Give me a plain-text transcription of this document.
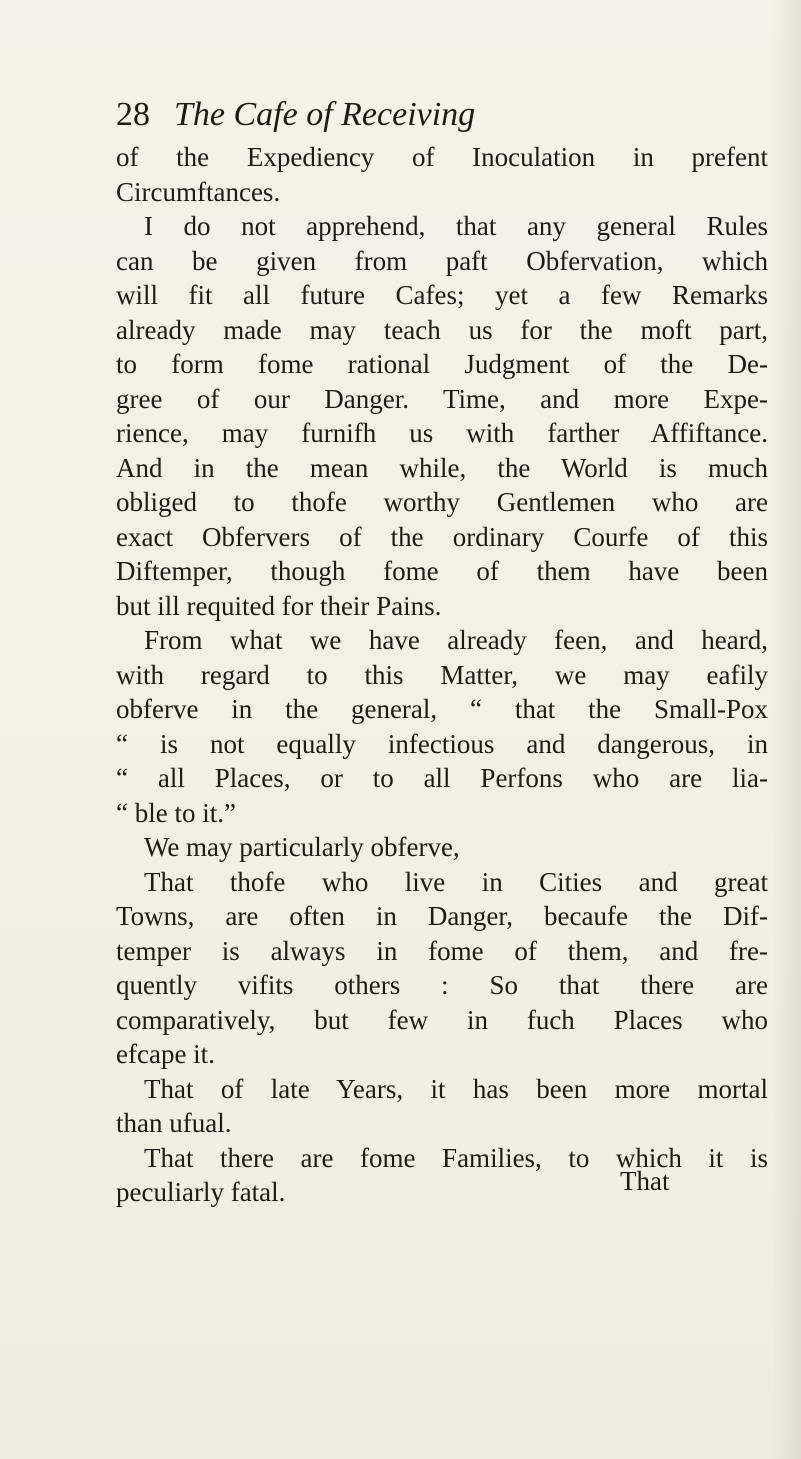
28 The Cafe of Receiving
of the Expediency of Inoculation in prefent
Circumftances.
I do not apprehend, that any general Rules
can be given from paft Obfervation, which
will fit all future Cafes; yet a few Remarks
already made may teach us for the moft part,
to form fome rational Judgment of the De-
gree of our Danger. Time, and more Expe-
rience, may furnifh us with farther Affiftance.
And in the mean while, the World is much
obliged to thofe worthy Gentlemen who are
exact Obfervers of the ordinary Courfe of this
Diftemper, though fome of them have been
but ill requited for their Pains.
From what we have already feen, and heard,
with regard to this Matter, we may eafily
obferve in the general, “ that the Small-Pox
“ is not equally infectious and dangerous, in
“ all Places, or to all Perfons who are lia-
“ ble to it.”
We may particularly obferve,
That thofe who live in Cities and great
Towns, are often in Danger, becaufe the Dif-
temper is always in fome of them, and fre-
quently vifits others : So that there are
comparatively, but few in fuch Places who
efcape it.
That of late Years, it has been more mortal
than ufual.
That there are fome Families, to which it is
peculiarly fatal.	That
